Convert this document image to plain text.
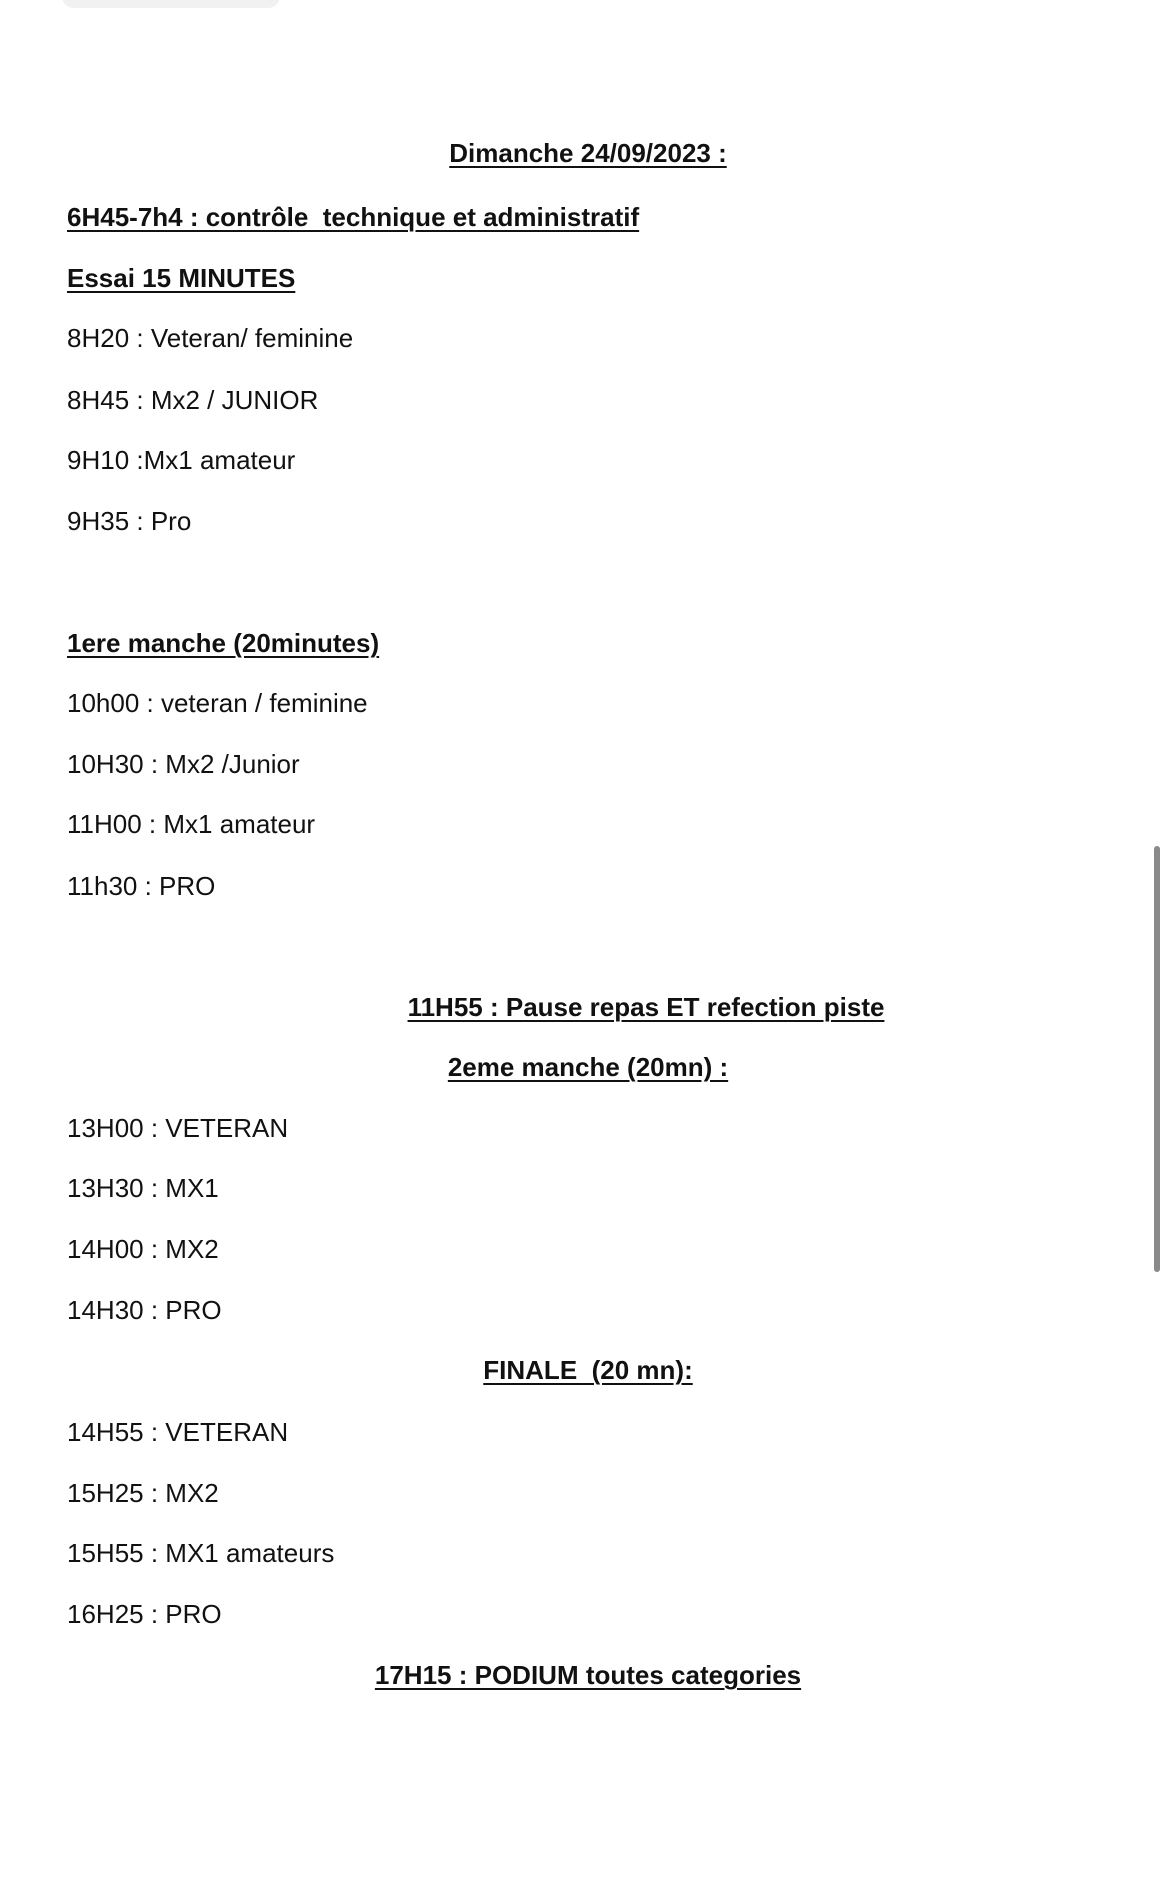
Dimanche 24/09/2023 :
6H45-7h4 : contrôle  technique et administratif
Essai 15 MINUTES
8H20 : Veteran/ feminine
8H45 : Mx2 / JUNIOR
9H10 :Mx1 amateur
9H35 : Pro
1ere manche (20minutes)
10h00 : veteran / feminine
10H30 : Mx2 /Junior
11H00 : Mx1 amateur
11h30 : PRO
11H55 : Pause repas ET refection piste
2eme manche (20mn) :
13H00 : VETERAN
13H30 : MX1
14H00 : MX2
14H30 : PRO
FINALE  (20 mn):
14H55 : VETERAN
15H25 : MX2
15H55 : MX1 amateurs
16H25 : PRO
17H15 : PODIUM toutes categories
